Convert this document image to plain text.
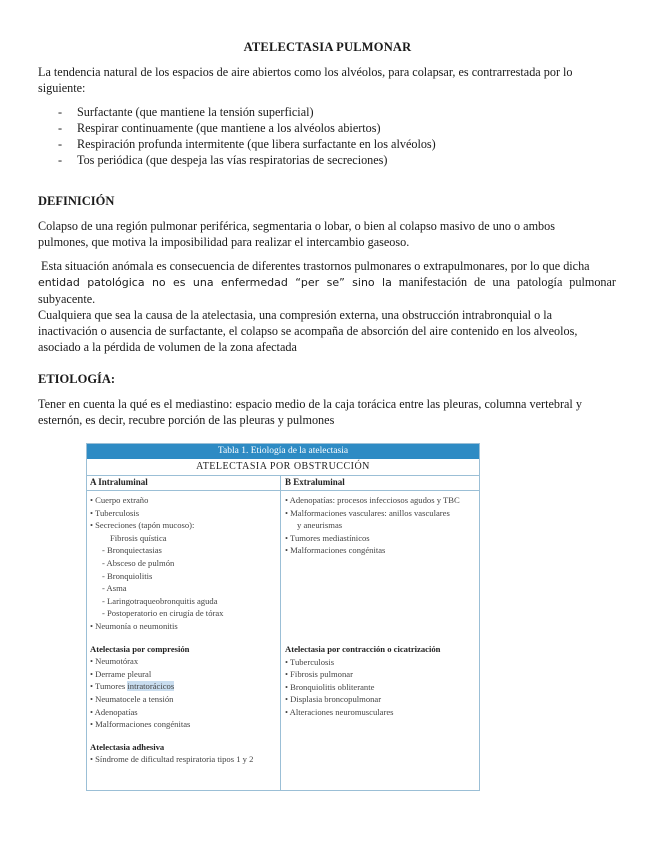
ATELECTASIA PULMONAR
La tendencia natural de los espacios de aire abiertos como los alvéolos, para colapsar, es contrarrestada por lo
siguiente:
- Surfactante (que mantiene la tensión superficial)
- Respirar continuamente (que mantiene a los alvéolos abiertos)
- Respiración profunda intermitente (que libera surfactante en los alvéolos)
- Tos periódica (que despeja las vías respiratorias de secreciones)
DEFINICIÓN
Colapso de una región pulmonar periférica, segmentaria o lobar, o bien al colapso masivo de uno o ambos
pulmones, que motiva la imposibilidad para realizar el intercambio gaseoso.
Esta situación anómala es consecuencia de diferentes trastornos pulmonares o extrapulmonares, por lo que dicha
entidad patológica no es una enfermedad “per se” sino la manifestación de una patología pulmonar subyacente.
Cualquiera que sea la causa de la atelectasia, una compresión externa, una obstrucción intrabronquial o la
inactivación o ausencia de surfactante, el colapso se acompaña de absorción del aire contenido en los alveolos,
asociado a la pérdida de volumen de la zona afectada
ETIOLOGÍA:
Tener en cuenta la qué es el mediastino: espacio medio de la caja torácica entre las pleuras, columna vertebral y
esternón, es decir, recubre porción de las pleuras y pulmones
Tabla 1. Etiología de la atelectasia
ATELECTASIA POR OBSTRUCCIÓN
A Intraluminal	B Extraluminal
• Cuerpo extraño
• Tuberculosis
• Secreciones (tapón mucoso):
Fibrosis quística
- Bronquiectasias
- Absceso de pulmón
- Bronquiolitis
- Asma
- Laringotraqueobronquitis aguda
- Postoperatorio en cirugía de tórax
• Neumonía o neumonitis
Atelectasia por compresión
• Neumotórax
• Derrame pleural
• Tumores intratorácicos
• Neumatocele a tensión
• Adenopatías
• Malformaciones congénitas
Atelectasia adhesiva
• Síndrome de dificultad respiratoria tipos 1 y 2
• Adenopatías: procesos infecciosos agudos y TBC
• Malformaciones vasculares: anillos vasculares
y aneurismas
• Tumores mediastínicos
• Malformaciones congénitas
Atelectasia por contracción o cicatrización
• Tuberculosis
• Fibrosis pulmonar
• Bronquiolitis obliterante
• Displasia broncopulmonar
• Alteraciones neuromusculares
